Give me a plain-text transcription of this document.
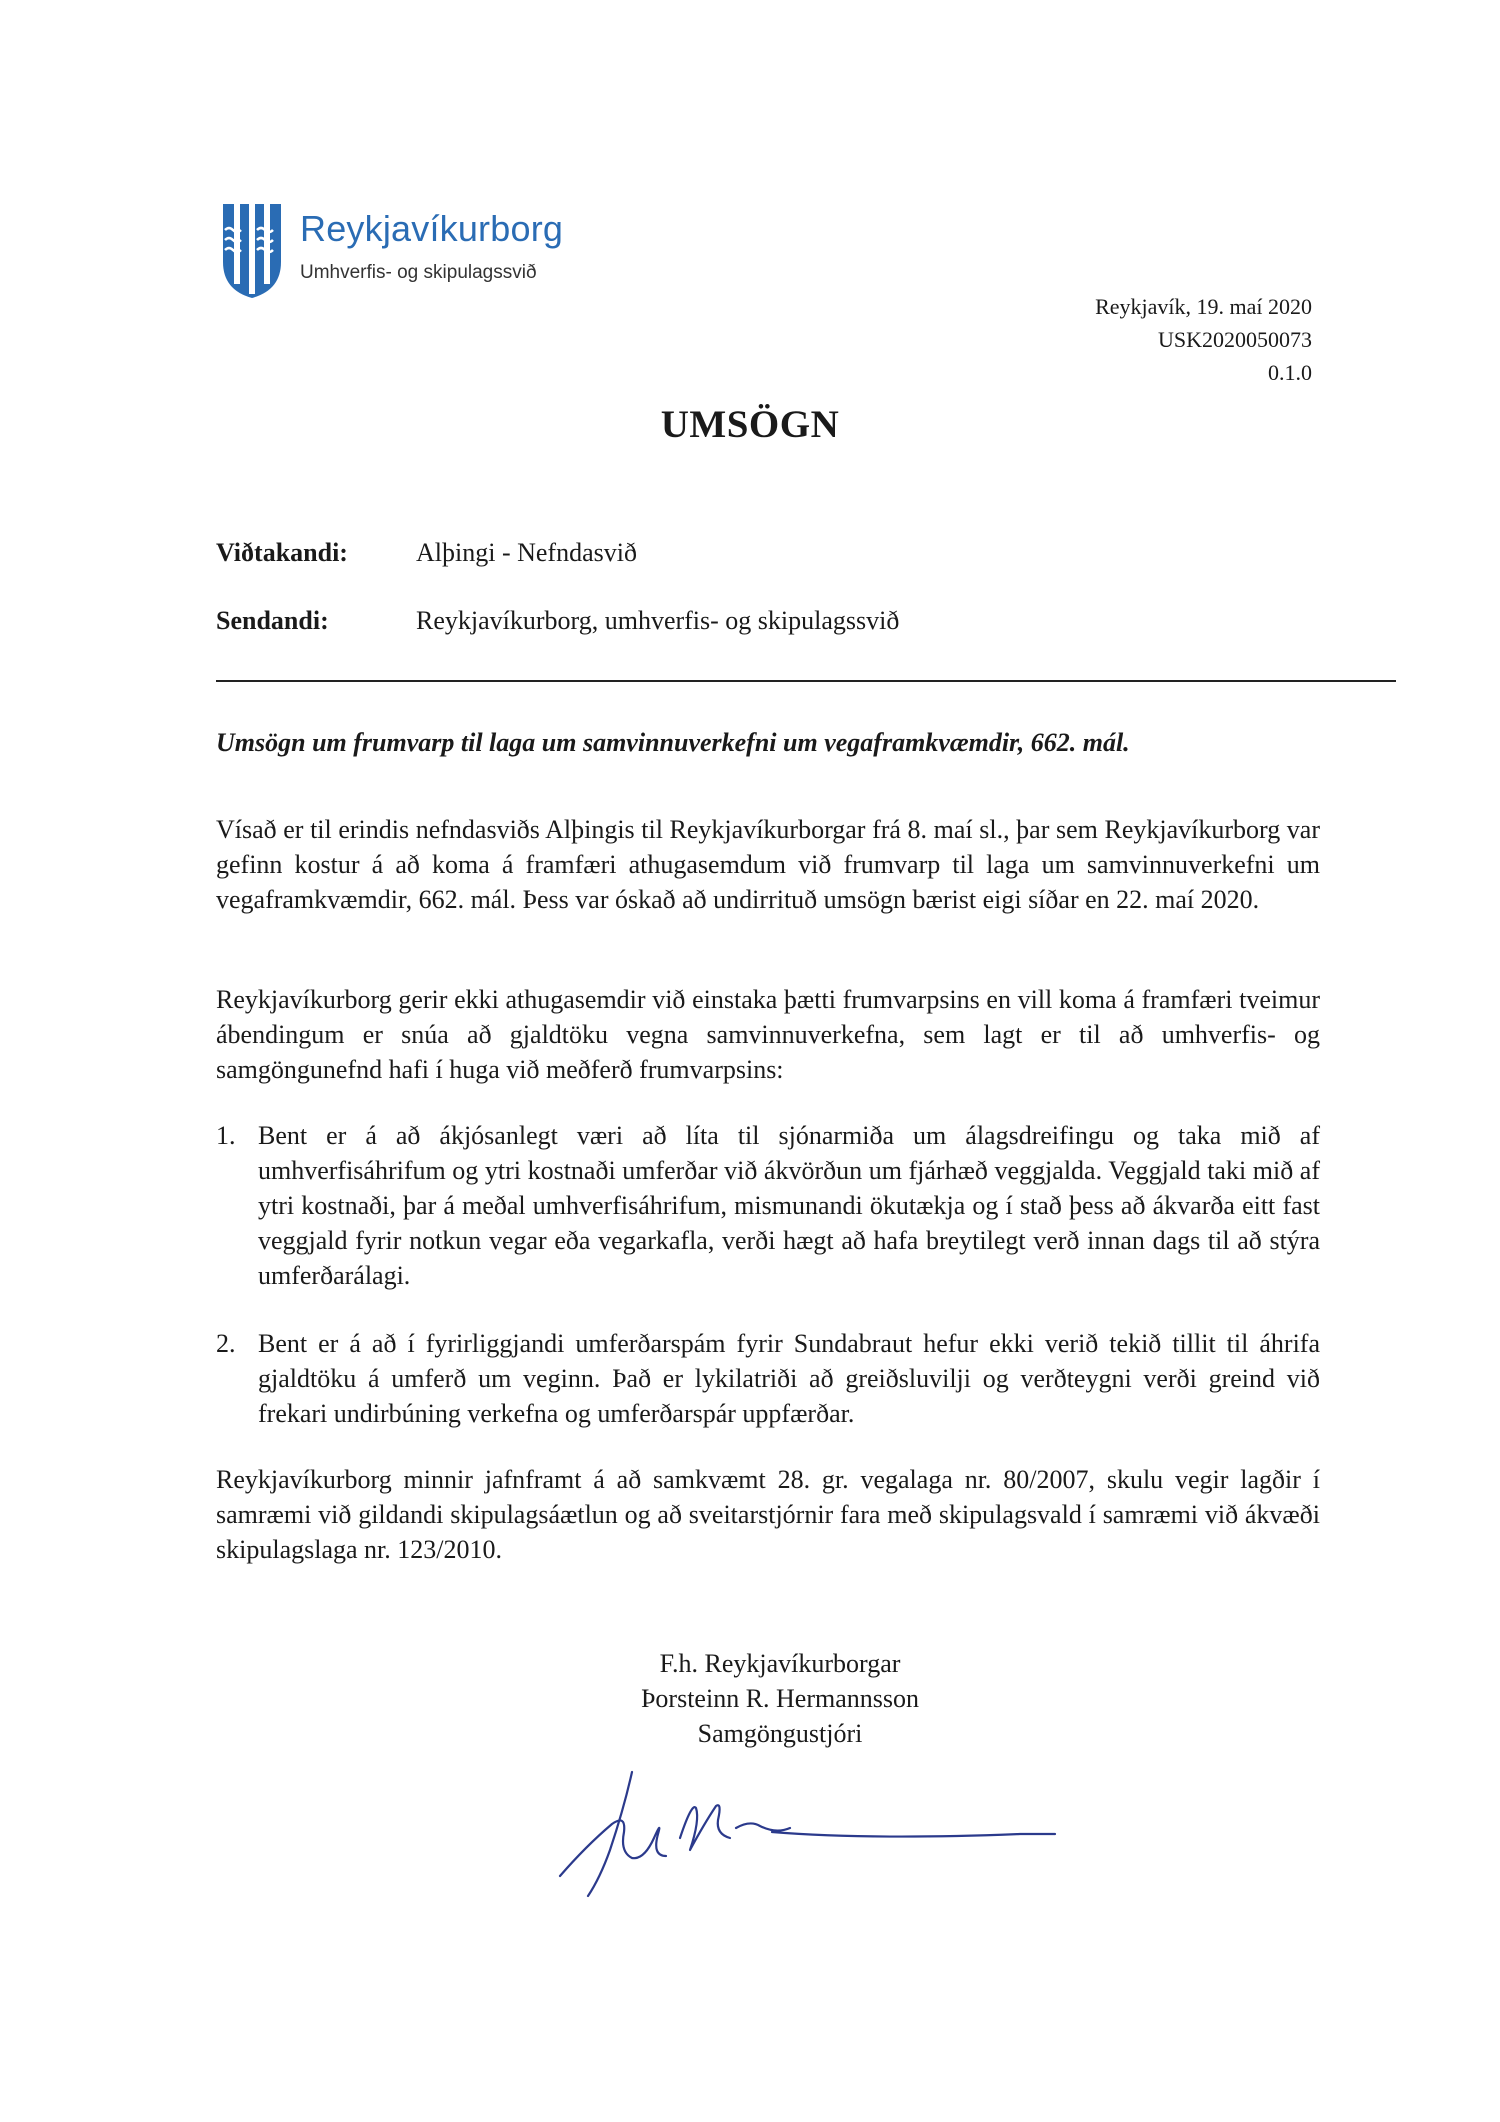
Reykjavíkurborg
Umhverfis- og skipulagssvið
Reykjavík, 19. maí 2020
USK2020050073
0.1.0
UMSÖGN
Viðtakandi:	Alþingi - Nefndasvið
Sendandi:	Reykjavíkurborg, umhverfis- og skipulagssvið
Umsögn um frumvarp til laga um samvinnuverkefni um vegaframkvæmdir, 662. mál.

Vísað er til erindis nefndasviðs Alþingis til Reykjavíkurborgar frá 8. maí sl., þar sem Reykjavíkurborg var gefinn kostur á að koma á framfæri athugasemdum við frumvarp til laga um samvinnuverkefni um vegaframkvæmdir, 662. mál. Þess var óskað að undirrituð umsögn bærist eigi síðar en 22. maí 2020.

Reykjavíkurborg gerir ekki athugasemdir við einstaka þætti frumvarpsins en vill koma á framfæri tveimur ábendingum er snúa að gjaldtöku vegna samvinnuverkefna, sem lagt er til að umhverfis- og samgöngunefnd hafi í huga við meðferð frumvarpsins:

1. Bent er á að ákjósanlegt væri að líta til sjónarmiða um álagsdreifingu og taka mið af umhverfisáhrifum og ytri kostnaði umferðar við ákvörðun um fjárhæð veggjalda. Veggjald taki mið af ytri kostnaði, þar á meðal umhverfisáhrifum, mismunandi ökutækja og í stað þess að ákvarða eitt fast veggjald fyrir notkun vegar eða vegarkafla, verði hægt að hafa breytilegt verð innan dags til að stýra umferðarálagi.
2. Bent er á að í fyrirliggjandi umferðarspám fyrir Sundabraut hefur ekki verið tekið tillit til áhrifa gjaldtöku á umferð um veginn. Það er lykilatriði að greiðsluvilji og verðteygni verði greind við frekari undirbúning verkefna og umferðarspár uppfærðar.

Reykjavíkurborg minnir jafnframt á að samkvæmt 28. gr. vegalaga nr. 80/2007, skulu vegir lagðir í samræmi við gildandi skipulagsáætlun og að sveitarstjórnir fara með skipulagsvald í samræmi við ákvæði skipulagslaga nr. 123/2010.

F.h. Reykjavíkurborgar
Þorsteinn R. Hermannsson
Samgöngustjóri
